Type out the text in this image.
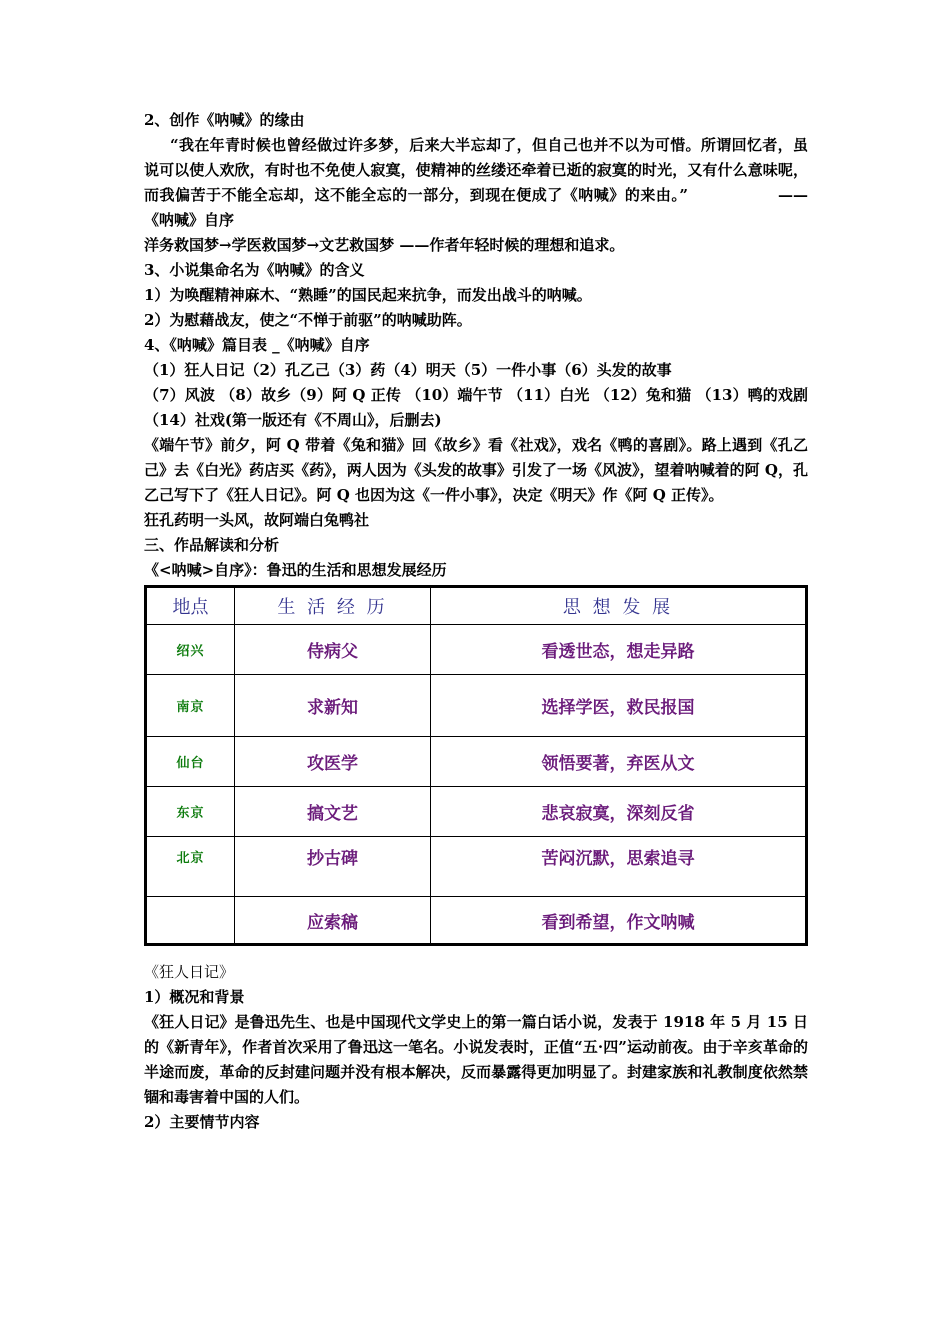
2、创作《呐喊》的缘由

“我在年青时候也曾经做过许多梦，后来大半忘却了，但自己也并不以为可惜。所谓回忆者，虽说可以使人欢欣，有时也不免使人寂寞，使精神的丝缕还牵着已逝的寂寞的时光，又有什么意味呢，而我偏苦于不能全忘却，这不能全忘的一部分，到现在便成了《呐喊》的来由。”	——《呐喊》自序

洋务救国梦→学医救国梦→文艺救国梦 ——作者年轻时候的理想和追求。

3、小说集命名为《呐喊》的含义

1）为唤醒精神麻木、“熟睡”的国民起来抗争，而发出战斗的呐喊。

2）为慰藉战友，使之“不惮于前驱”的呐喊助阵。

4、《呐喊》篇目表 _《呐喊》自序

（1）狂人日记（2）孔乙己（3）药（4）明天（5）一件小事（6）头发的故事

（7）风波 （8）故乡（9）阿 Q 正传 （10）端午节 （11）白光 （12）兔和猫 （13）鸭的戏剧 （14）社戏(第一版还有《不周山》，后删去)

《端午节》前夕，阿 Q 带着《兔和猫》回《故乡》看《社戏》，戏名《鸭的喜剧》。路上遇到《孔乙己》去《白光》药店买《药》，两人因为《头发的故事》引发了一场《风波》，望着呐喊着的阿 Q，孔乙己写下了《狂人日记》。阿 Q 也因为这《一件小事》，决定《明天》作《阿 Q 正传》。

狂孔药明一头风，故阿端白兔鸭社

三、作品解读和分析

《<呐喊>自序》：鲁迅的生活和思想发展经历

地点	生 活 经 历	思 想 发 展
绍兴	侍病父	看透世态，想走异路
南京	求新知	选择学医，救民报国
仙台	攻医学	领悟要著，弃医从文
东京	搞文艺	悲哀寂寞，深刻反省
北京	抄古碑	苦闷沉默，思索追寻
	应索稿	看到希望，作文呐喊

《狂人日记》

1）概况和背景

《狂人日记》是鲁迅先生、也是中国现代文学史上的第一篇白话小说，发表于 1918 年 5 月 15 日的《新青年》，作者首次采用了鲁迅这一笔名。小说发表时，正值“五·四”运动前夜。由于辛亥革命的半途而废，革命的反封建问题并没有根本解决，反而暴露得更加明显了。封建家族和礼教制度依然禁锢和毒害着中国的人们。

2）主要情节内容
